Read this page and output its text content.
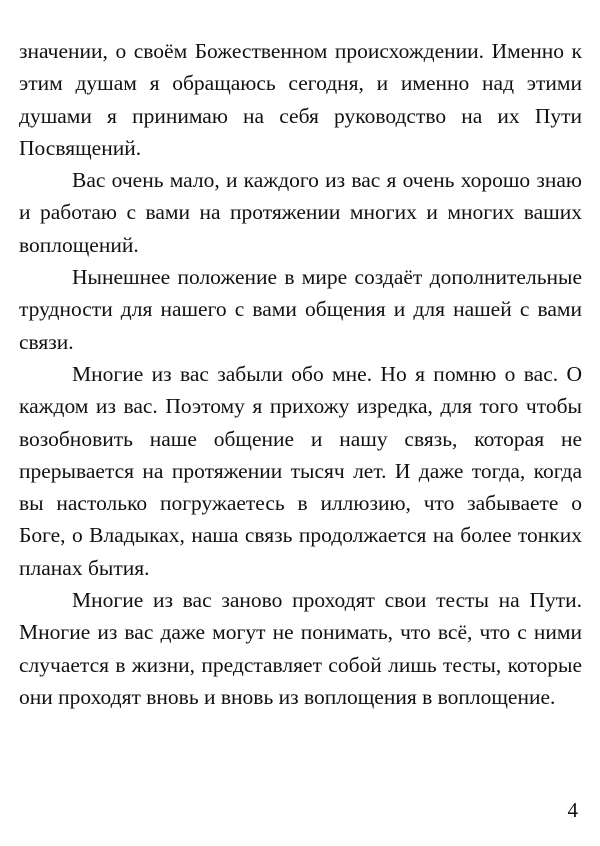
значении, о своём Божественном происхождении. Именно к этим душам я обращаюсь сегодня, и именно над этими душами я принимаю на себя руководство на их Пути Посвящений.

Вас очень мало, и каждого из вас я очень хорошо знаю и работаю с вами на протяжении многих и многих ваших воплощений.

Нынешнее положение в мире создаёт дополнительные трудности для нашего с вами общения и для нашей с вами связи.

Многие из вас забыли обо мне. Но я помню о вас. О каждом из вас. Поэтому я прихожу изредка, для того чтобы возобновить наше общение и нашу связь, которая не прерывается на протяжении тысяч лет. И даже тогда, когда вы настолько погружаетесь в иллюзию, что забываете о Боге, о Владыках, наша связь продолжается на более тонких планах бытия.

Многие из вас заново проходят свои тесты на Пути. Многие из вас даже могут не понимать, что всё, что с ними случается в жизни, представляет собой лишь тесты, которые они проходят вновь и вновь из воплощения в воплощение.

4
